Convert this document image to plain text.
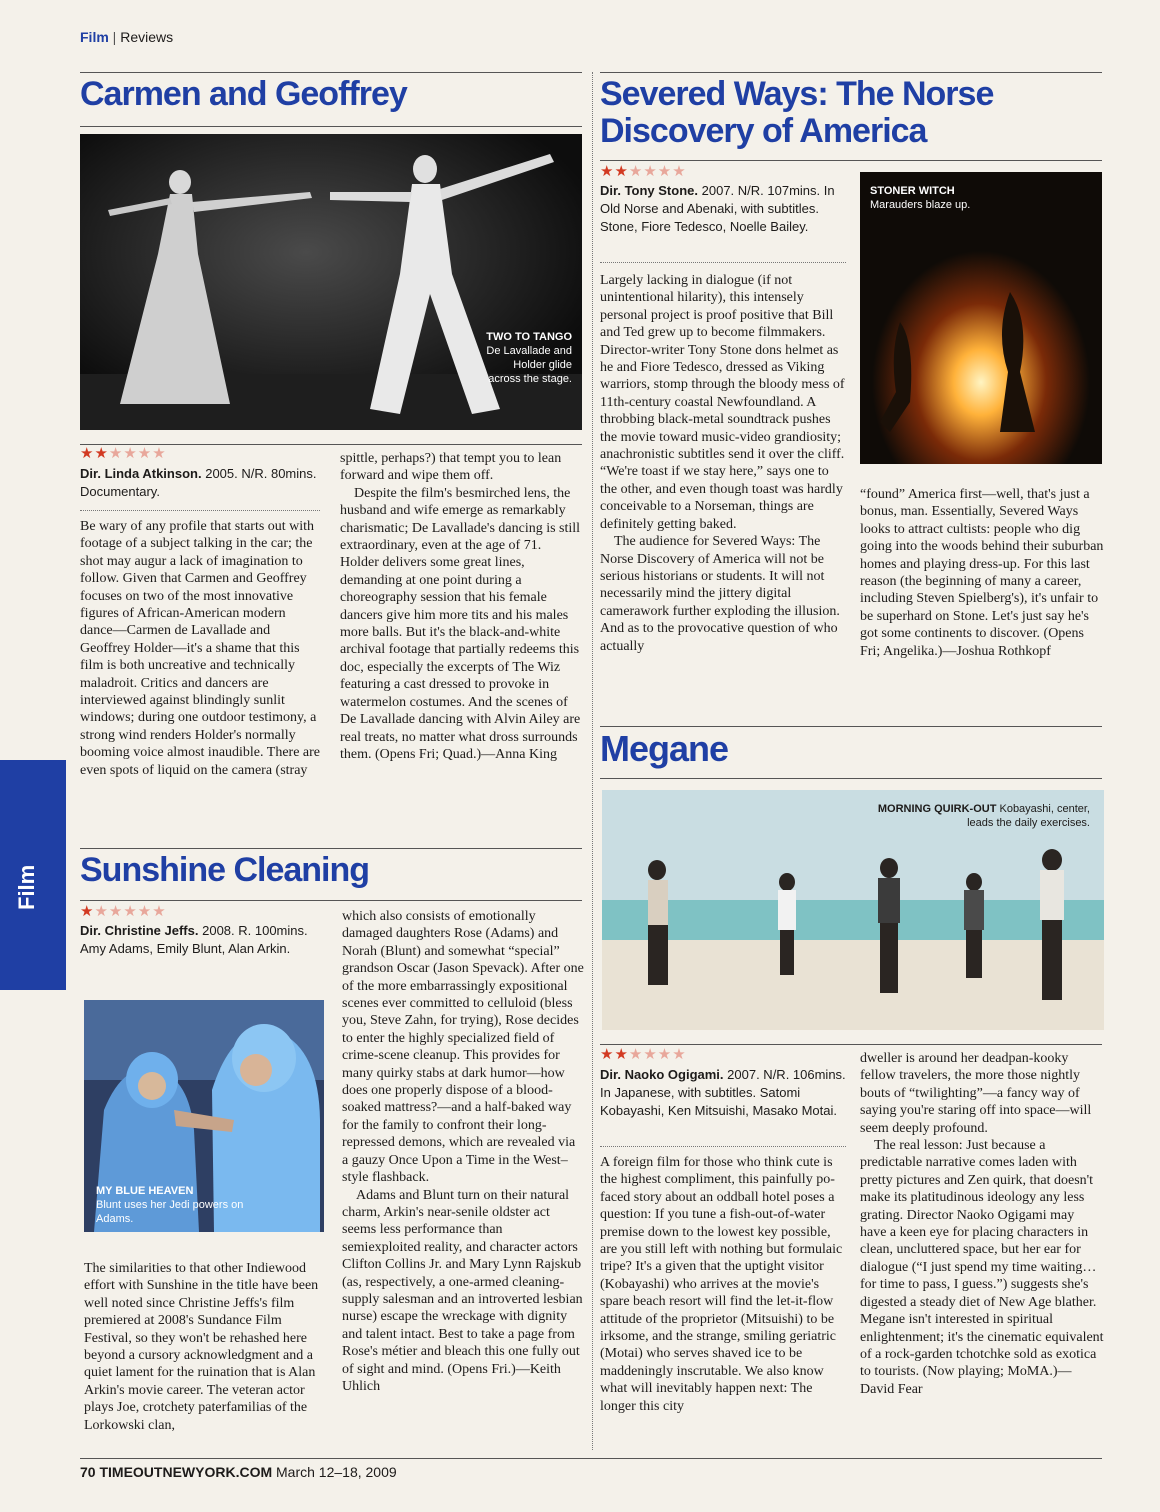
Film | Reviews
Film
Carmen and Geoffrey
TWO TO TANGO
De Lavallade and Holder glide across the stage.
★★★★★★
Dir. Linda Atkinson. 2005. N/R. 80mins. Documentary.

Be wary of any profile that starts out with footage of a subject talking in the car; the shot may augur a lack of imagination to follow. Given that Carmen and Geoffrey focuses on two of the most innovative figures of African-American modern dance—Carmen de Lavallade and Geoffrey Holder—it's a shame that this film is both uncreative and technically maladroit. Critics and dancers are interviewed against blindingly sunlit windows; during one outdoor testimony, a strong wind renders Holder's normally booming voice almost inaudible. There are even spots of liquid on the camera (stray

spittle, perhaps?) that tempt you to lean forward and wipe them off.

Despite the film's besmirched lens, the husband and wife emerge as remarkably charismatic; De Lavallade's dancing is still extraordinary, even at the age of 71. Holder delivers some great lines, demanding at one point during a choreography session that his female dancers give him more tits and his males more balls. But it's the black-and-white archival footage that partially redeems this doc, especially the excerpts of The Wiz featuring a cast dressed to provoke in watermelon costumes. And the scenes of De Lavallade dancing with Alvin Ailey are real treats, no matter what dross surrounds them. (Opens Fri; Quad.)—Anna King

Sunshine Cleaning
★★★★★★
Dir. Christine Jeffs. 2008. R. 100mins. Amy Adams, Emily Blunt, Alan Arkin.
MY BLUE HEAVEN
Blunt uses her Jedi powers on Adams.

The similarities to that other Indiewood effort with Sunshine in the title have been well noted since Christine Jeffs's film premiered at 2008's Sundance Film Festival, so they won't be rehashed here beyond a cursory acknowledgment and a quiet lament for the ruination that is Alan Arkin's movie career. The veteran actor plays Joe, crotchety paterfamilias of the Lorkowski clan,

which also consists of emotionally damaged daughters Rose (Adams) and Norah (Blunt) and somewhat “special” grandson Oscar (Jason Spevack). After one of the more embarrassingly expositional scenes ever committed to celluloid (bless you, Steve Zahn, for trying), Rose decides to enter the highly specialized field of crime-scene cleanup. This provides for many quirky stabs at dark humor—how does one properly dispose of a blood-soaked mattress?—and a half-baked way for the family to confront their long-repressed demons, which are revealed via a gauzy Once Upon a Time in the West–style flashback.

Adams and Blunt turn on their natural charm, Arkin's near-senile oldster act seems less performance than semiexploited reality, and character actors Clifton Collins Jr. and Mary Lynn Rajskub (as, respectively, a one-armed cleaning-supply salesman and an introverted lesbian nurse) escape the wreckage with dignity and talent intact. Best to take a page from Rose's métier and bleach this one fully out of sight and mind. (Opens Fri.)—Keith Uhlich

Severed Ways: The Norse Discovery of America
★★★★★★
Dir. Tony Stone. 2007. N/R. 107mins. In Old Norse and Abenaki, with subtitles. Stone, Fiore Tedesco, Noelle Bailey.

Largely lacking in dialogue (if not unintentional hilarity), this intensely personal project is proof positive that Bill and Ted grew up to become filmmakers. Director-writer Tony Stone dons helmet as he and Fiore Tedesco, dressed as Viking warriors, stomp through the bloody mess of 11th-century coastal Newfoundland. A throbbing black-metal soundtrack pushes the movie toward music-video grandiosity; anachronistic subtitles send it over the cliff. “We're toast if we stay here,” says one to the other, and even though toast was hardly conceivable to a Norseman, things are definitely getting baked.

The audience for Severed Ways: The Norse Discovery of America will not be serious historians or students. It will not necessarily mind the jittery digital camerawork further exploding the illusion. And as to the provocative question of who actually

STONER WITCH
Marauders blaze up.

“found” America first—well, that's just a bonus, man. Essentially, Severed Ways looks to attract cultists: people who dig going into the woods behind their suburban homes and playing dress-up. For this last reason (the beginning of many a career, including Steven Spielberg's), it's unfair to be superhard on Stone. Let's just say he's got some continents to discover. (Opens Fri; Angelika.)—Joshua Rothkopf

Megane
MORNING QUIRK-OUT Kobayashi, center, leads the daily exercises.
★★★★★★
Dir. Naoko Ogigami. 2007. N/R. 106mins. In Japanese, with subtitles. Satomi Kobayashi, Ken Mitsuishi, Masako Motai.

A foreign film for those who think cute is the highest compliment, this painfully po-faced story about an oddball hotel poses a question: If you tune a fish-out-of-water premise down to the lowest key possible, are you still left with nothing but formulaic tripe? It's a given that the uptight visitor (Kobayashi) who arrives at the movie's spare beach resort will find the let-it-flow attitude of the proprietor (Mitsuishi) to be irksome, and the strange, smiling geriatric (Motai) who serves shaved ice to be maddeningly inscrutable. We also know what will inevitably happen next: The longer this city

dweller is around her deadpan-kooky fellow travelers, the more those nightly bouts of “twilighting”—a fancy way of saying you're staring off into space—will seem deeply profound.

The real lesson: Just because a predictable narrative comes laden with pretty pictures and Zen quirk, that doesn't make its platitudinous ideology any less grating. Director Naoko Ogigami may have a keen eye for placing characters in clean, uncluttered space, but her ear for dialogue (“I just spend my time waiting…for time to pass, I guess.”) suggests she's digested a steady diet of New Age blather. Megane isn't interested in spiritual enlightenment; it's the cinematic equivalent of a rock-garden tchotchke sold as exotica to tourists. (Now playing; MoMA.)—David Fear

70 TIMEOUTNEWYORK.COM March 12–18, 2009
